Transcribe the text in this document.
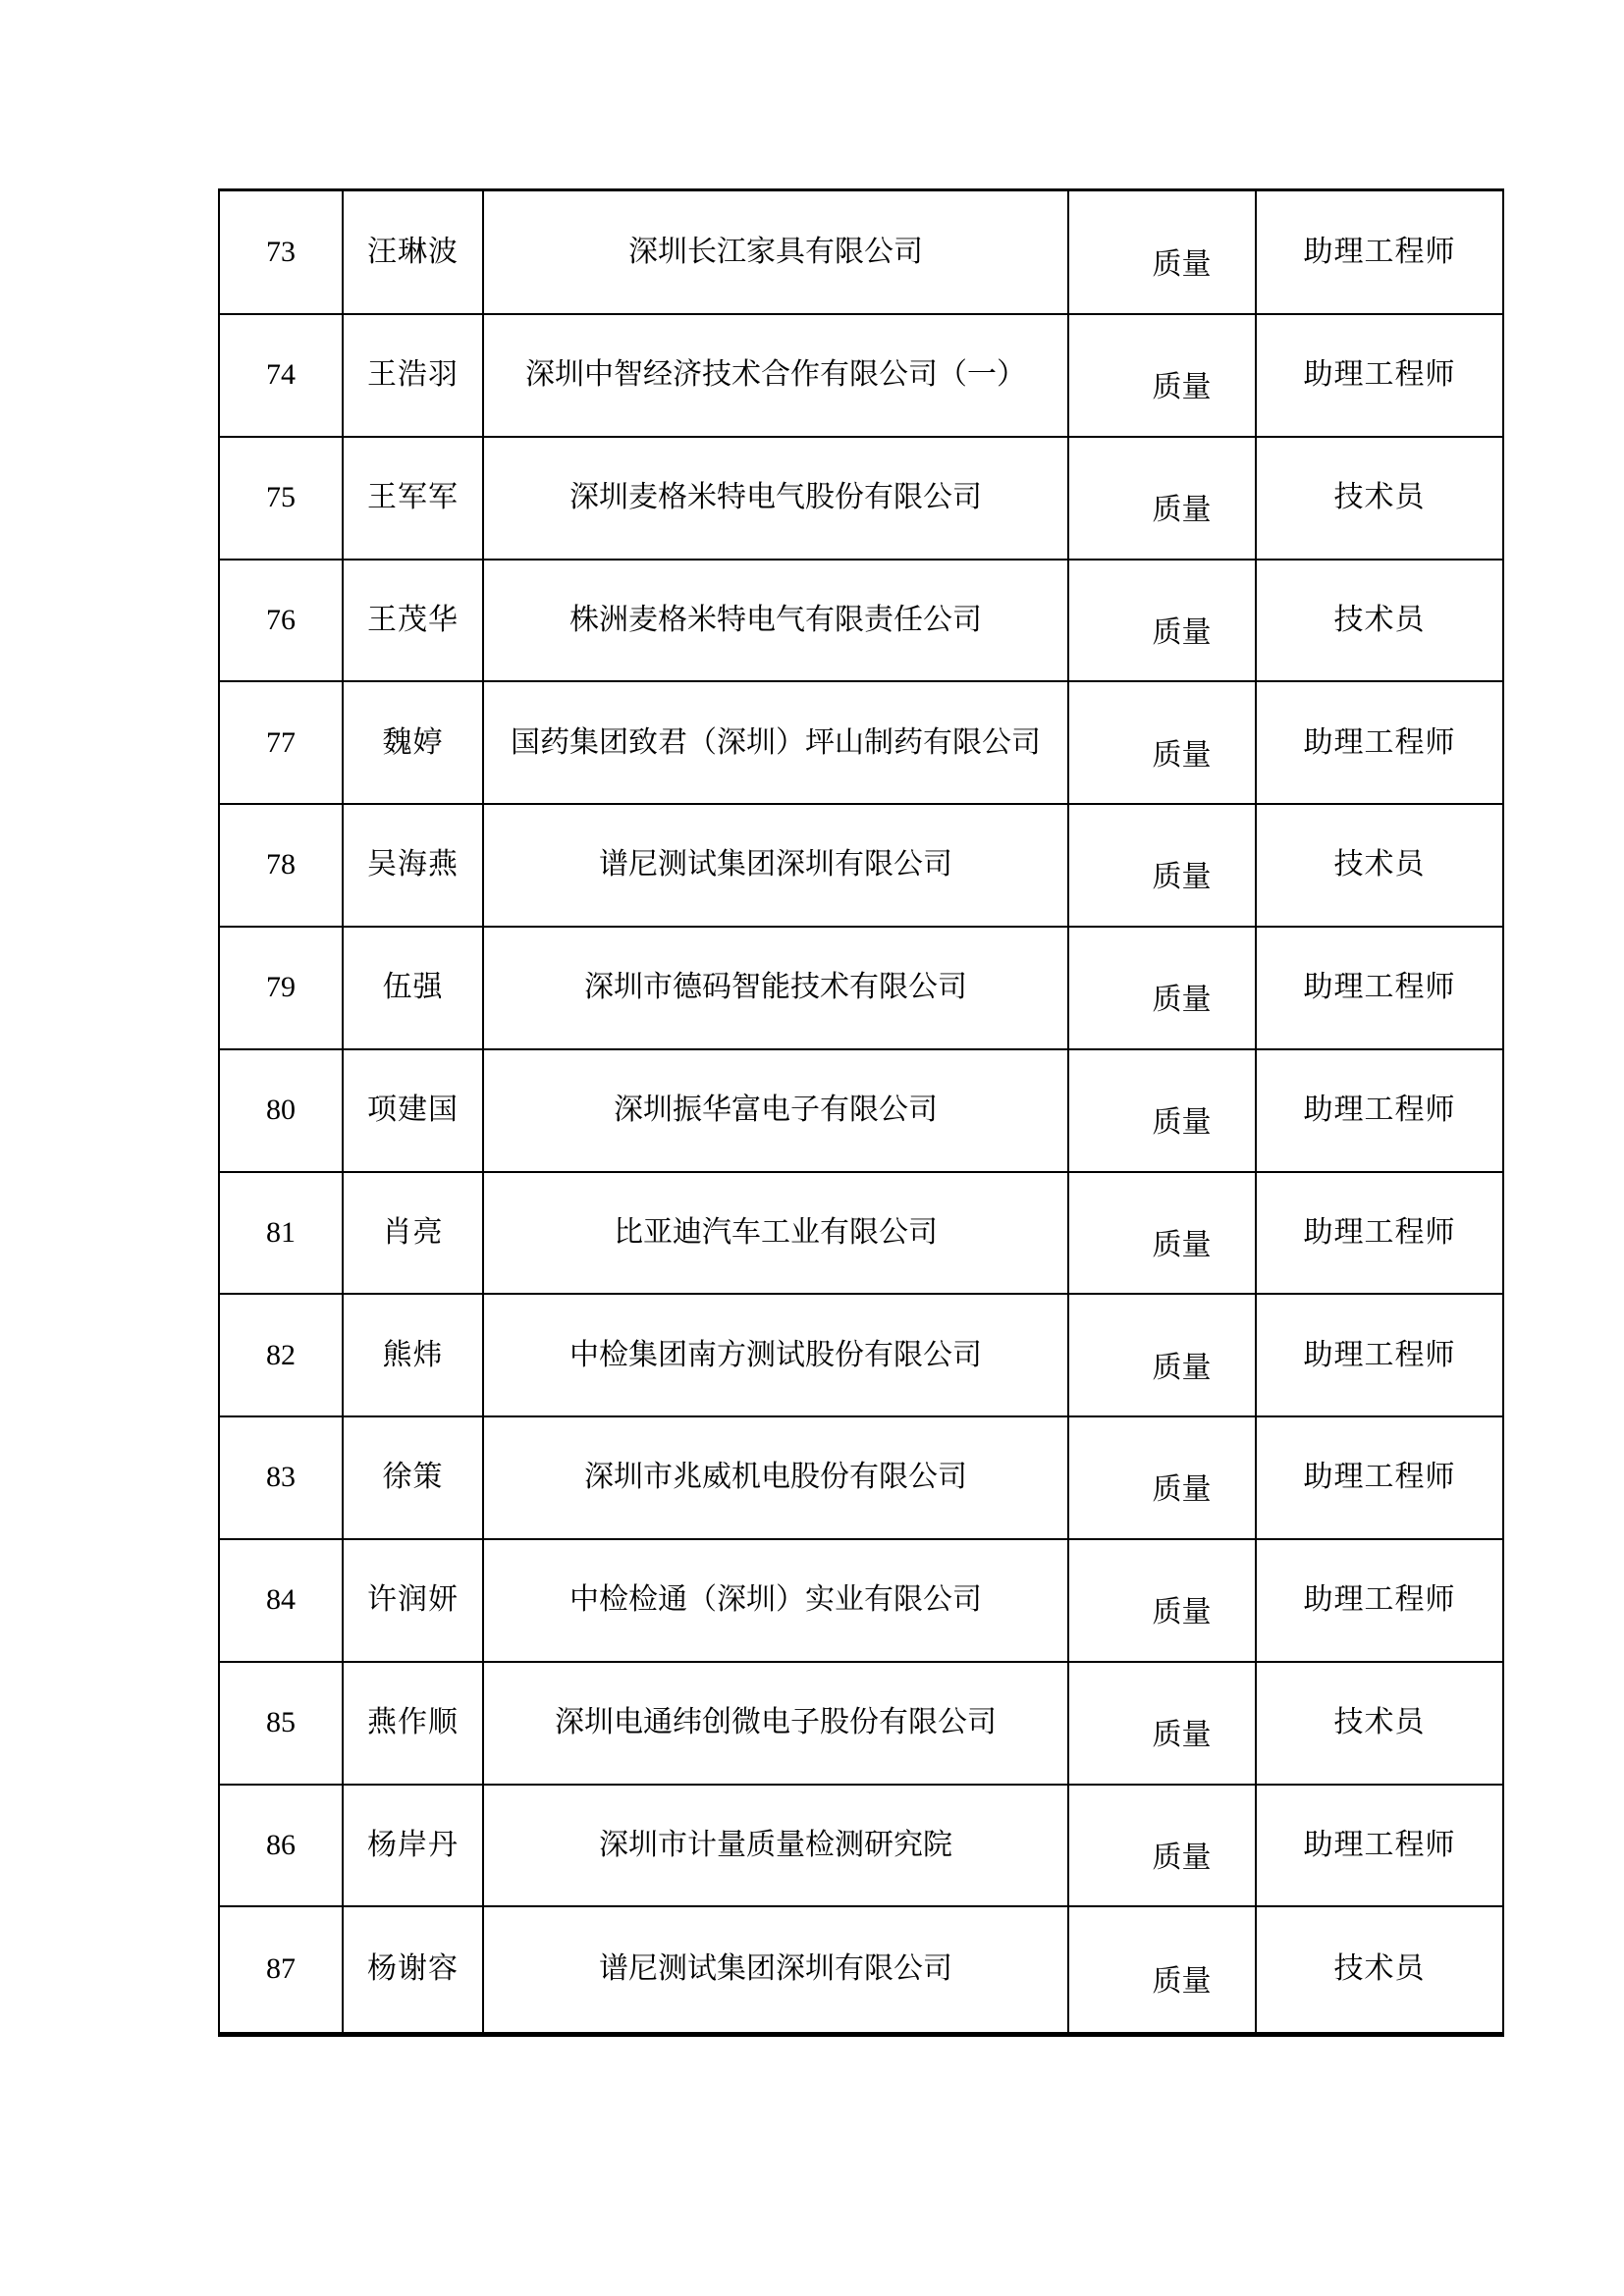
73	汪琳波	深圳长江家具有限公司	质量	助理工程师
74	王浩羽	深圳中智经济技术合作有限公司（一）	质量	助理工程师
75	王军军	深圳麦格米特电气股份有限公司	质量	技术员
76	王茂华	株洲麦格米特电气有限责任公司	质量	技术员
77	魏婷	国药集团致君（深圳）坪山制药有限公司	质量	助理工程师
78	吴海燕	谱尼测试集团深圳有限公司	质量	技术员
79	伍强	深圳市德码智能技术有限公司	质量	助理工程师
80	项建国	深圳振华富电子有限公司	质量	助理工程师
81	肖亮	比亚迪汽车工业有限公司	质量	助理工程师
82	熊炜	中检集团南方测试股份有限公司	质量	助理工程师
83	徐策	深圳市兆威机电股份有限公司	质量	助理工程师
84	许润妍	中检检通（深圳）实业有限公司	质量	助理工程师
85	燕作顺	深圳电通纬创微电子股份有限公司	质量	技术员
86	杨岸丹	深圳市计量质量检测研究院	质量	助理工程师
87	杨谢容	谱尼测试集团深圳有限公司	质量	技术员
